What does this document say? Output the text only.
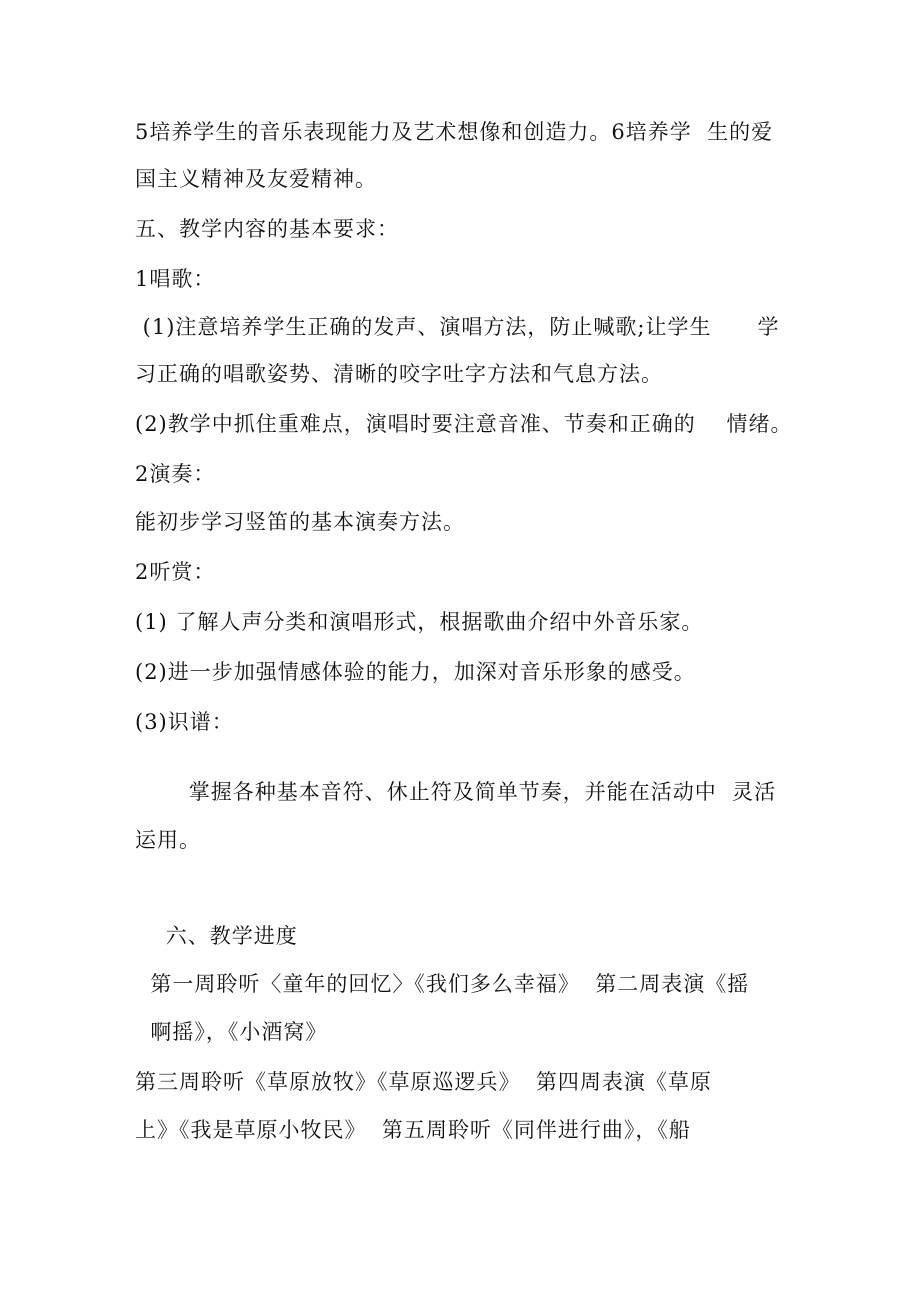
5培养学生的音乐表现能力及艺术想像和创造力。6培养学  生的爱
国主义精神及友爱精神。
五、教学内容的基本要求：
1唱歌：
(1)注意培养学生正确的发声、演唱方法，防止喊歌;让学生      学
习正确的唱歌姿势、清晰的咬字吐字方法和气息方法。
(2)教学中抓住重难点，演唱时要注意音准、节奏和正确的    情绪。
2演奏：
能初步学习竖笛的基本演奏方法。
2听赏：
(1) 了解人声分类和演唱形式，根据歌曲介绍中外音乐家。
(2)进一步加强情感体验的能力，加深对音乐形象的感受。
(3)识谱：
掌握各种基本音符、休止符及简单节奏，并能在活动中  灵活
运用。
六、教学进度
第一周聆听〈童年的回忆〉《我们多么幸福》  第二周表演《摇
啊摇》，《小酒窝》
第三周聆听《草原放牧》《草原巡逻兵》  第四周表演《草原
上》《我是草原小牧民》  第五周聆听《同伴进行曲》，《船
